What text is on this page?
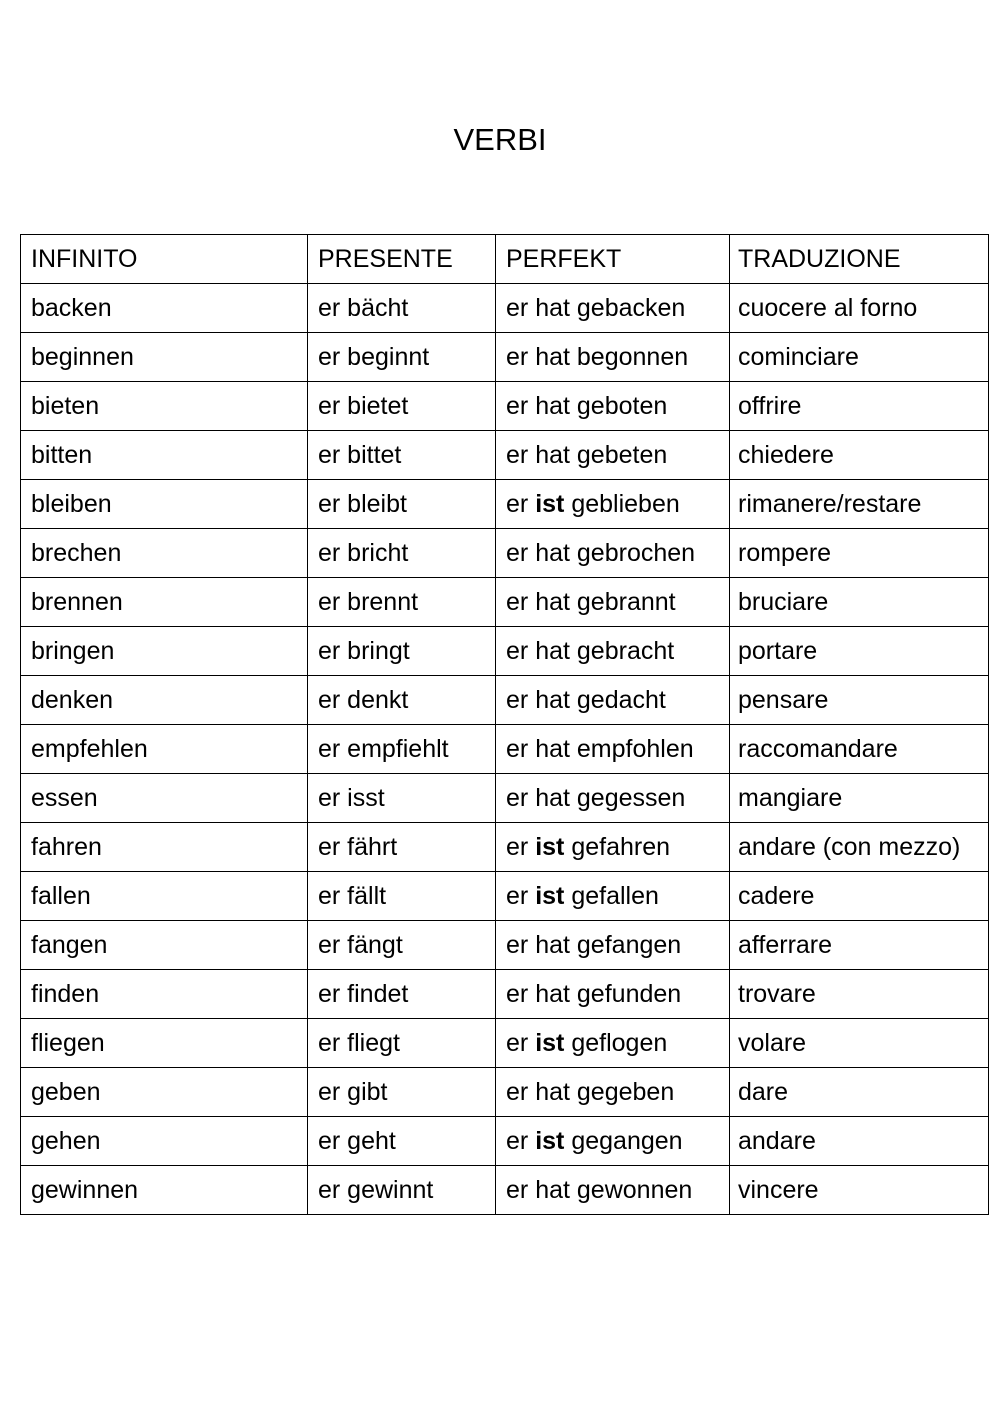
VERBI
INFINITO	PRESENTE	PERFEKT	TRADUZIONE
backen	er bächt	er hat gebacken	cuocere al forno
beginnen	er beginnt	er hat begonnen	cominciare
bieten	er bietet	er hat geboten	offrire
bitten	er bittet	er hat gebeten	chiedere
bleiben	er bleibt	er ist geblieben	rimanere/restare
brechen	er bricht	er hat gebrochen	rompere
brennen	er brennt	er hat gebrannt	bruciare
bringen	er bringt	er hat gebracht	portare
denken	er denkt	er hat gedacht	pensare
empfehlen	er empfiehlt	er hat empfohlen	raccomandare
essen	er isst	er hat gegessen	mangiare
fahren	er fährt	er ist gefahren	andare (con mezzo)
fallen	er fällt	er ist gefallen	cadere
fangen	er fängt	er hat gefangen	afferrare
finden	er findet	er hat gefunden	trovare
fliegen	er fliegt	er ist geflogen	volare
geben	er gibt	er hat gegeben	dare
gehen	er geht	er ist gegangen	andare
gewinnen	er gewinnt	er hat gewonnen	vincere
